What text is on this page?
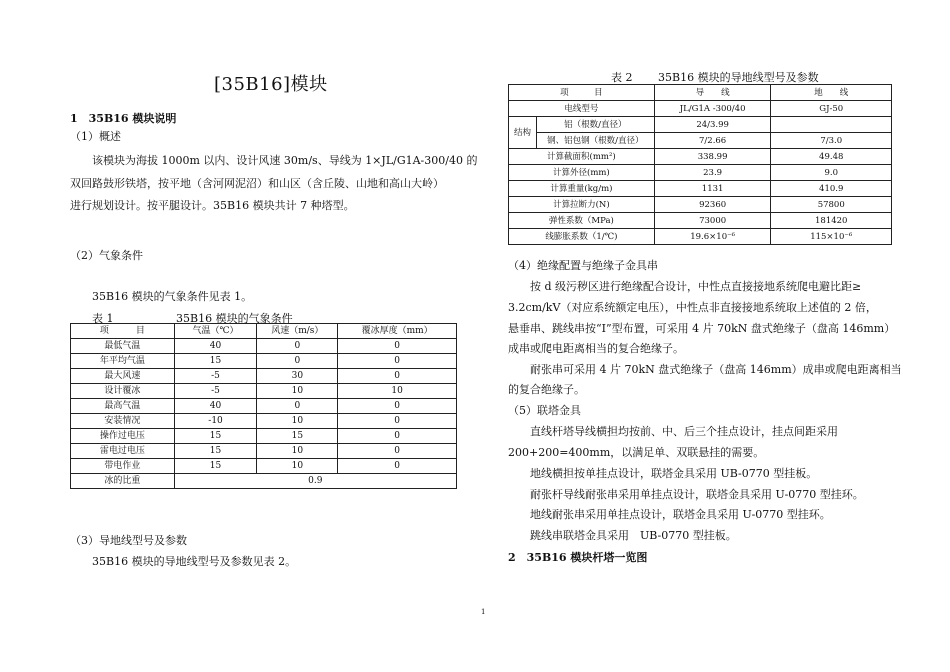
[35B16]模块
1　35B16 模块说明
（1）概述
该模块为海拔 1000m 以内、设计风速 30m/s、导线为 1×JL/G1A-300/40 的
双回路鼓形铁塔，按平地（含河网泥沼）和山区（含丘陵、山地和高山大岭）
进行规划设计。按平腿设计。35B16 模块共计 7 种塔型。
（2）气象条件
35B16 模块的气象条件见表 1。
表 1	35B16 模块的气象条件
项　　　目	气温（℃）	风速（m/s）	覆冰厚度（mm）
最低气温	40	0	0
年平均气温	15	0	0
最大风速	-5	30	0
设计覆冰	-5	10	10
最高气温	40	0	0
安装情况	-10	10	0
操作过电压	15	15	0
雷电过电压	15	10	0
带电作业	15	10	0
冰的比重	0.9		
（3）导地线型号及参数
35B16 模块的导地线型号及参数见表 2。
表 2 35B16 模块的导地线型号及参数
项　　　目		导　　线	地　　线
电线型号		JL/G1A -300/40	GJ-50
结构	铝（根数/直径）	24/3.99	
	钢、铝包钢（根数/直径）	7/2.66	7/3.0
计算截面积(mm²)		338.99	49.48
计算外径(mm)		23.9	9.0
计算重量(kg/m)		1131	410.9
计算拉断力(N)		92360	57800
弹性系数（MPa)		73000	181420
线膨胀系数（1/℃)		19.6×10⁻⁶	115×10⁻⁶
（4）绝缘配置与绝缘子金具串
按 d 级污秽区进行绝缘配合设计，中性点直接接地系统爬电避比距≥
3.2cm/kV（对应系统额定电压），中性点非直接接地系统取上述值的 2 倍，
悬垂串、跳线串按“I”型布置，可采用 4 片 70kN 盘式绝缘子（盘高 146mm）
成串或爬电距离相当的复合绝缘子。
耐张串可采用 4 片 70kN 盘式绝缘子（盘高 146mm）成串或爬电距离相当
的复合绝缘子。
（5）联塔金具
直线杆塔导线横担均按前、中、后三个挂点设计，挂点间距采用
200+200=400mm，以满足单、双联悬挂的需要。
地线横担按单挂点设计，联塔金具采用 UB-0770 型挂板。
耐张杆导线耐张串采用单挂点设计，联塔金具采用 U-0770 型挂环。
地线耐张串采用单挂点设计，联塔金具采用 U-0770 型挂环。
跳线串联塔金具采用　UB-0770 型挂板。
2　35B16 模块杆塔一览图
1
